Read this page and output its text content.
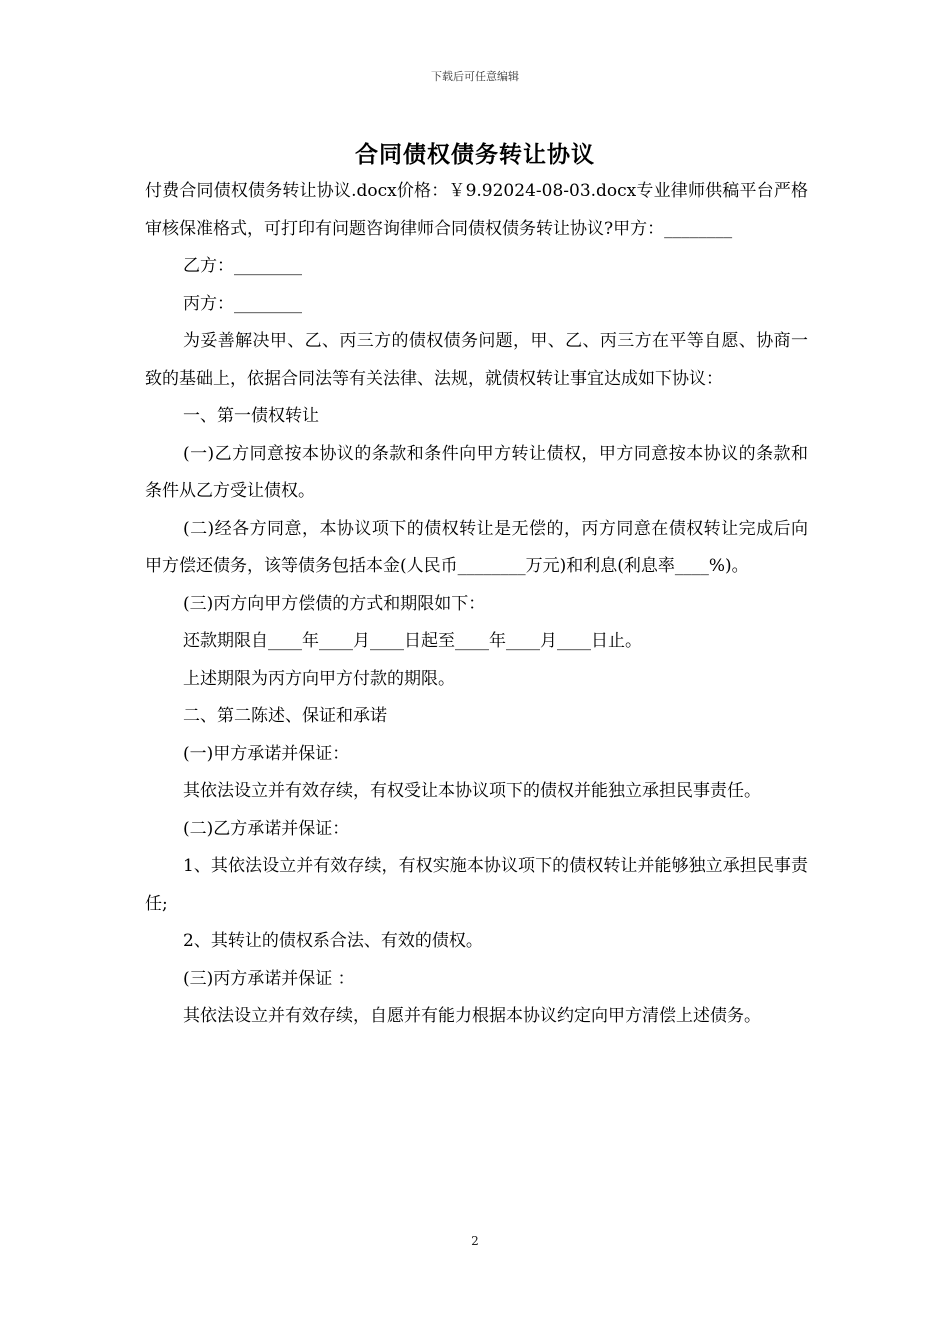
下载后可任意编辑
合同债权债务转让协议

付费合同债权债务转让协议.docx价格：￥9.92024-08-03.docx专业律师供稿平台严格审核保准格式，可打印有问题咨询律师合同债权债务转让协议?甲方：________

乙方：________

丙方：________

为妥善解决甲、乙、丙三方的债权债务问题，甲、乙、丙三方在平等自愿、协商一致的基础上，依据合同法等有关法律、法规，就债权转让事宜达成如下协议：

一、第一债权转让

(一)乙方同意按本协议的条款和条件向甲方转让债权，甲方同意按本协议的条款和条件从乙方受让债权。

(二)经各方同意，本协议项下的债权转让是无偿的，丙方同意在债权转让完成后向甲方偿还债务，该等债务包括本金(人民币________万元)和利息(利息率____%)。

(三)丙方向甲方偿债的方式和期限如下：

还款期限自____年____月____日起至____年____月____日止。

上述期限为丙方向甲方付款的期限。

二、第二陈述、保证和承诺

(一)甲方承诺并保证：

其依法设立并有效存续，有权受让本协议项下的债权并能独立承担民事责任。

(二)乙方承诺并保证：

1、其依法设立并有效存续，有权实施本协议项下的债权转让并能够独立承担民事责任;

2、其转让的债权系合法、有效的债权。

(三)丙方承诺并保证 ：

其依法设立并有效存续，自愿并有能力根据本协议约定向甲方清偿上述债务。

2
